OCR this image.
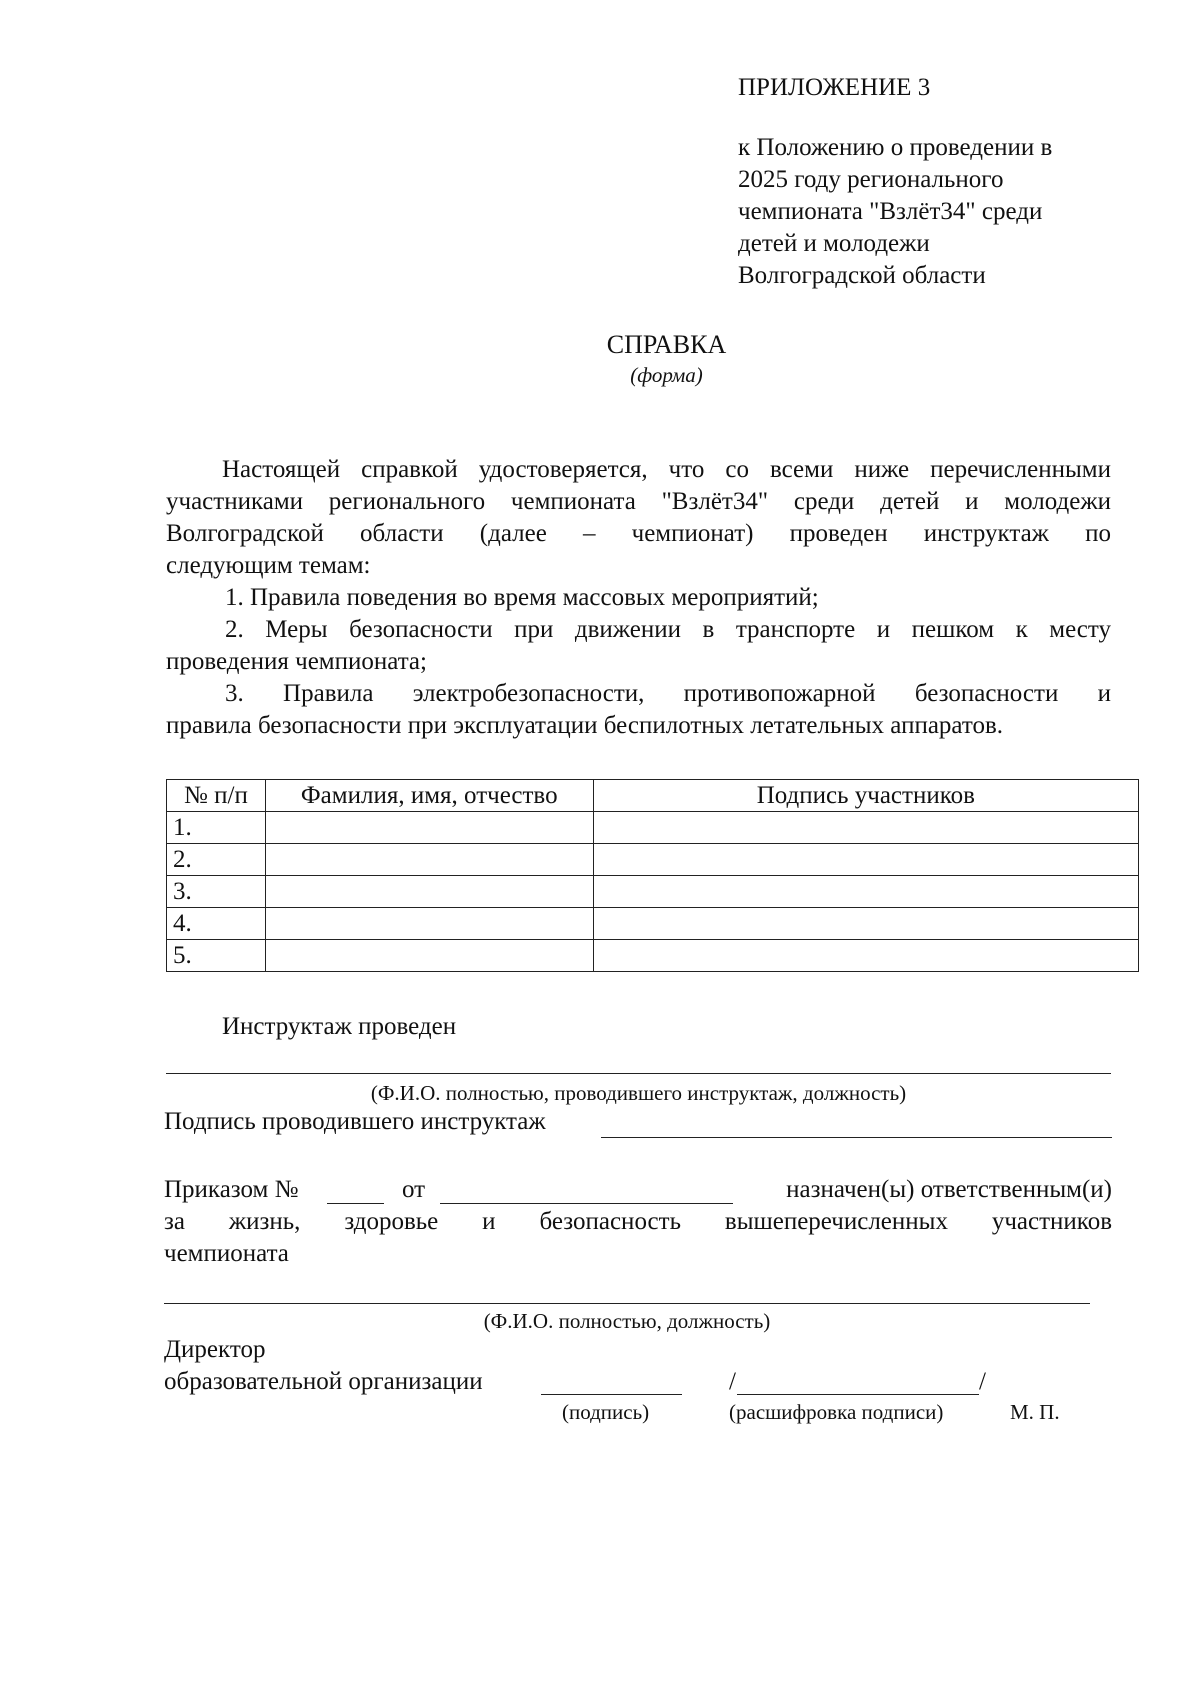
ПРИЛОЖЕНИЕ 3
к Положению о проведении в
2025 году регионального
чемпионата "Взлёт34" среди
детей и молодежи
Волгоградской области
СПРАВКА
(форма)
Настоящей справкой удостоверяется, что со всеми ниже перечисленными
участниками регионального чемпионата "Взлёт34" среди детей и молодежи
Волгоградской области (далее – чемпионат) проведен инструктаж по
следующим темам:
1. Правила поведения во время массовых мероприятий;
2. Меры безопасности при движении в транспорте и пешком к месту
проведения чемпионата;
3. Правила электробезопасности, противопожарной безопасности и
правила безопасности при эксплуатации беспилотных летательных аппаратов.
№ п/п	Фамилия, имя, отчество	Подпись участников
1.		
2.		
3.		
4.		
5.		
Инструктаж проведен
(Ф.И.О. полностью, проводившего инструктаж, должность)
Подпись проводившего инструктаж
Приказом №	от	назначен(ы) ответственным(и)
за жизнь, здоровье и безопасность вышеперечисленных участников
чемпионата
(Ф.И.О. полностью, должность)
Директор
образовательной организации	/	/
(подпись)	(расшифровка подписи)	М. П.
